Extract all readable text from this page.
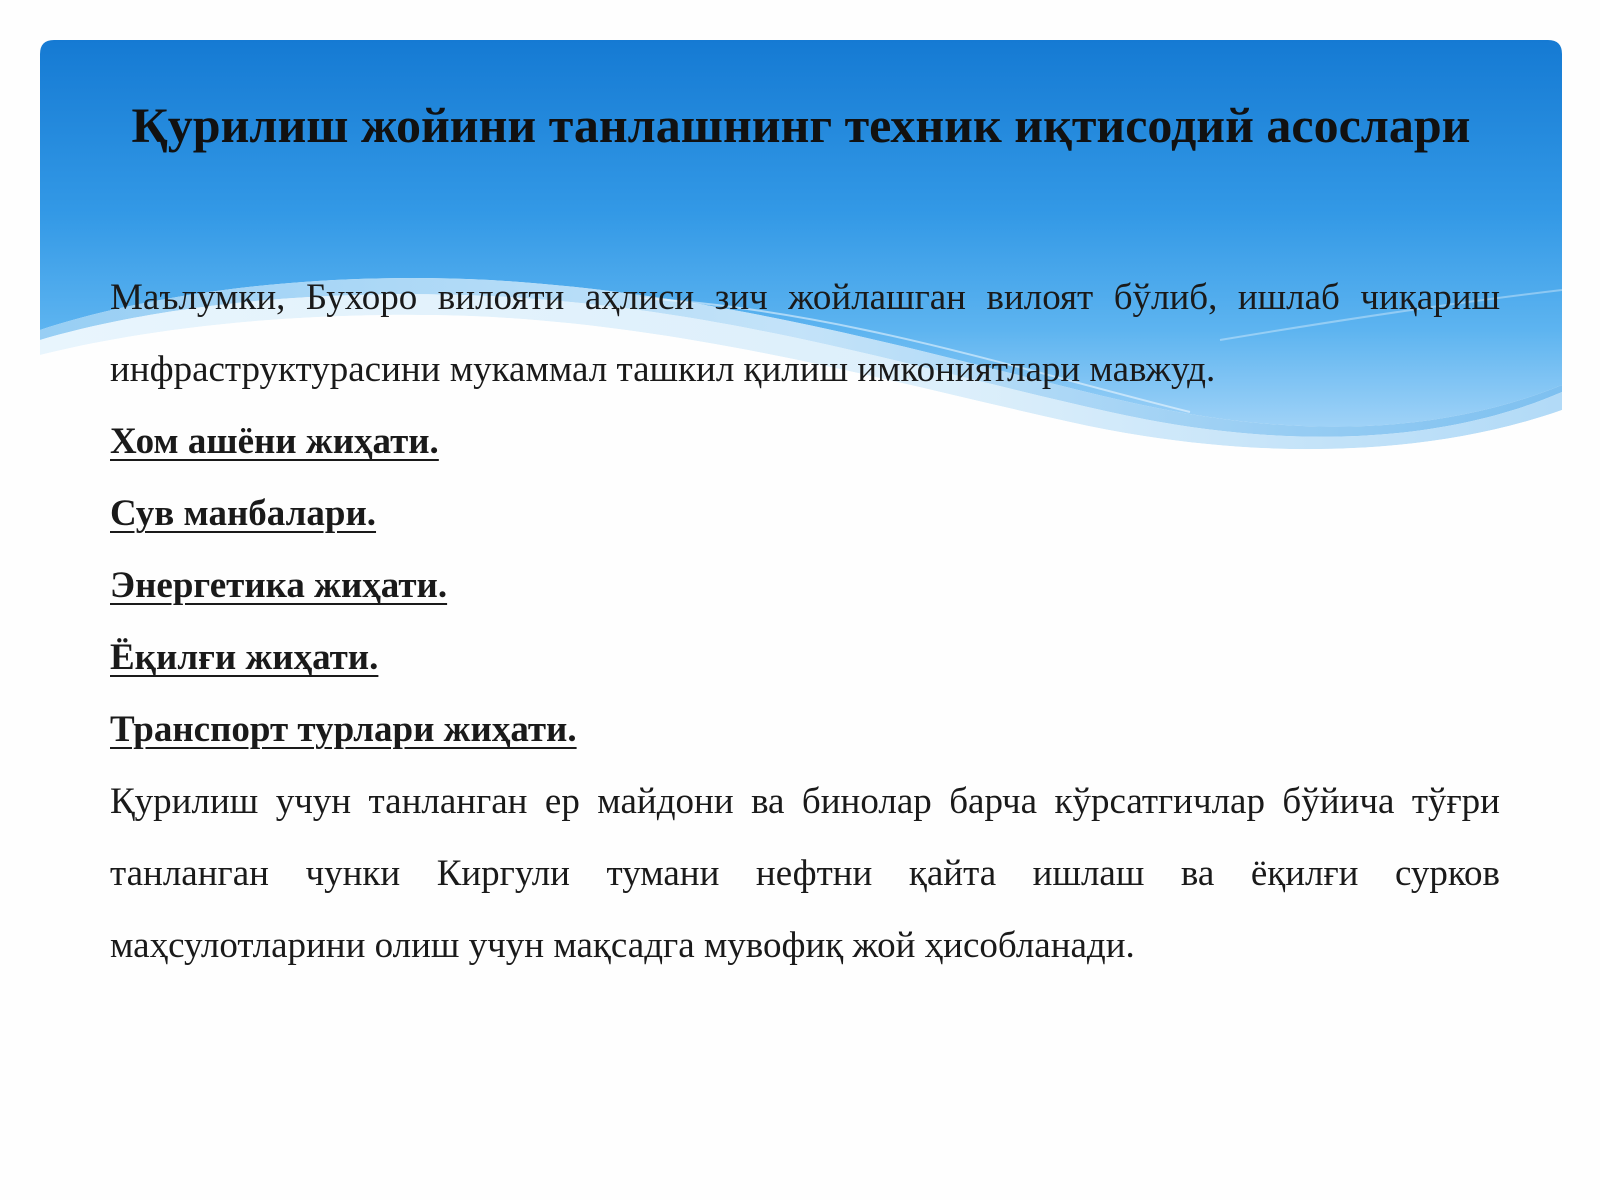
Қурилиш жойини танлашнинг техник иқтисодий асослари

Маълумки, Бухоро вилояти аҳлиси зич жойлашган вилоят бўлиб, ишлаб чиқариш инфраструктурасини мукаммал ташкил қилиш имкониятлари мавжуд.

Хом ашёни жиҳати.

Сув манбалари.

Энергетика жиҳати.

Ёқилғи жиҳати.

Транспорт турлари жиҳати.

Қурилиш учун танланган ер майдони ва бинолар барча кўрсатгичлар бўйича тўғри танланган чунки Киргули тумани нефтни қайта ишлаш ва ёқилғи сурков маҳсулотларини олиш учун мақсадга мувофиқ жой ҳисобланади.
